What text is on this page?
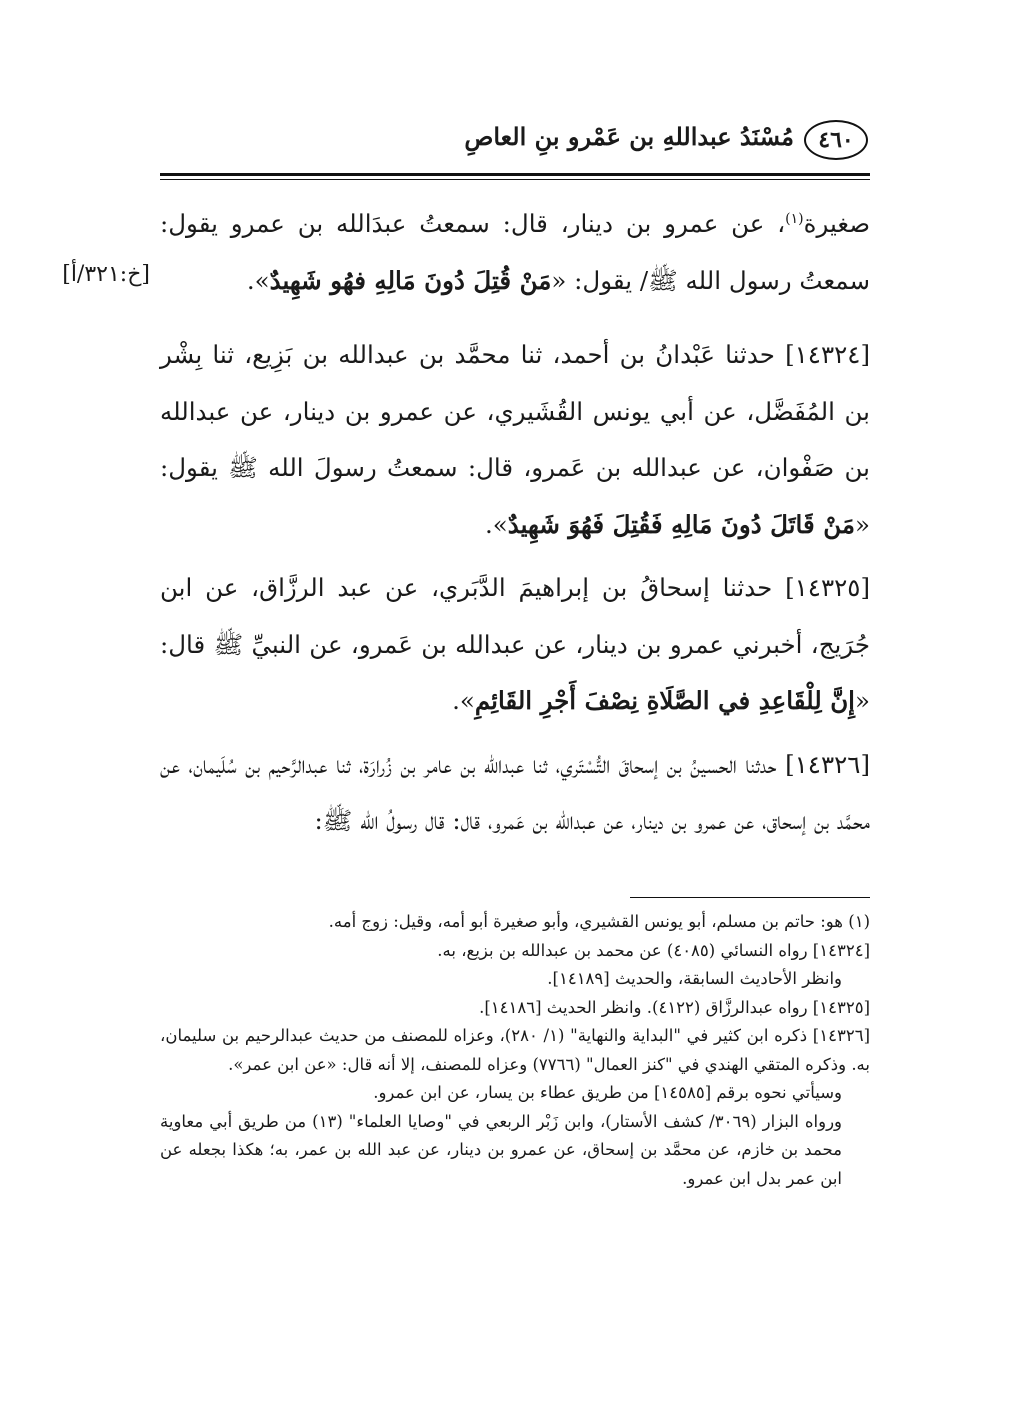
٤٦٠
مُسْنَدُ عبداللهِ بن عَمْرو بنِ العاصِ
[خ:٣٢١/أ]

صغيرة$^{(١)}$، عن عمرو بن دينار، قال: سمعتُ عبدَالله بن عمرو يقول: سمعتُ رسول الله ﷺ/ يقول: «مَنْ قُتِلَ دُونَ مَالِهِ فهُو شَهِيدٌ».

[١٤٣٢٤] حدثنا عَبْدانُ بن أحمد، ثنا محمَّد بن عبدالله بن بَزِيع، ثنا بِشْر بن المُفَضَّل، عن أبي يونس القُشَيري، عن عمرو بن دينار، عن عبدالله بن صَفْوان، عن عبدالله بن عَمرو، قال: سمعتُ رسولَ الله ﷺ يقول: «مَنْ قَاتَلَ دُونَ مَالِهِ فَقُتِلَ فَهُوَ شَهِيدٌ».

[١٤٣٢٥] حدثنا إسحاقُ بن إبراهيمَ الدَّبَري، عن عبد الرزَّاق، عن ابن جُرَيج، أخبرني عمرو بن دينار، عن عبدالله بن عَمرو، عن النبيِّ ﷺ قال: «إِنَّ لِلْقَاعِدِ في الصَّلَاةِ نِصْفَ أَجْرِ القَائِمِ».

[١٤٣٢٦] حدثنا الحسينُ بن إسحاقَ التُّسْتَري، ثنا عبدالله بن عامر بن زُرارَة، ثنا عبدالرَّحيم بن سُلَيمان، عن محمَّد بن إسحاق، عن عمرو بن دينار، عن عبدالله بن عَمرو، قال: قال رسولُ الله ﷺ:

(١) هو: حاتم بن مسلم، أبو يونس القشيري، وأبو صغيرة أبو أمه، وقيل: زوج أمه.

[١٤٣٢٤] رواه النسائي (٤٠٨٥) عن محمد بن عبدالله بن بزيع، به.

وانظر الأحاديث السابقة، والحديث [١٤١٨٩].

[١٤٣٢٥] رواه عبدالرزَّاق (٤١٢٢). وانظر الحديث [١٤١٨٦].

[١٤٣٢٦] ذكره ابن كثير في "البداية والنهاية" (١/ ٢٨٠)، وعزاه للمصنف من حديث عبدالرحيم بن سليمان، به. وذكره المتقي الهندي في "كنز العمال" (٧٧٦٦) وعزاه للمصنف، إلا أنه قال: «عن ابن عمر».

وسيأتي نحوه برقم [١٤٥٨٥] من طريق عطاء بن يسار، عن ابن عمرو.

ورواه البزار (٣٠٦٩/ كشف الأستار)، وابن زَبْر الربعي في "وصايا العلماء" (١٣) من طريق أبي معاوية محمد بن خازم، عن محمَّد بن إسحاق، عن عمرو بن دينار، عن عبد الله بن عمر، به؛ هكذا بجعله عن ابن عمر بدل ابن عمرو.
